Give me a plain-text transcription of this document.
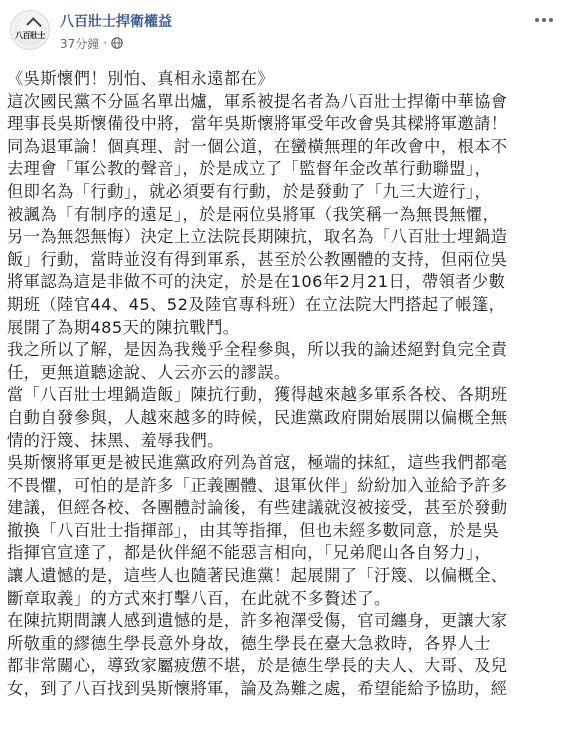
八百壯士
八百壯士捍衛權益
37分鐘 ·
《吳斯懷們！別怕、真相永遠都在》
這次國民黨不分區名單出爐，軍系被提名者為八百壯士捍衛中華協會
理事長吳斯懷備役中將，當年吳斯懷將軍受年改會吳其樑將軍邀請！
同為退軍論！個真理、討一個公道，在蠻橫無理的年改會中，根本不
去理會「軍公教的聲音」，於是成立了「監督年金改革行動聯盟」，
但即名為「行動」，就必須要有行動，於是發動了「九三大遊行」，
被諷為「有制序的遠足」，於是兩位吳將軍（我笑稱一為無畏無懼，
另一為無怨無悔）決定上立法院長期陳抗，取名為「八百壯士埋鍋造
飯」行動，當時並沒有得到軍系，甚至於公教團體的支持，但兩位吳
將軍認為這是非做不可的決定，於是在106年2月21日，帶領者少數
期班（陸官44、45、52及陸官專科班）在立法院大門搭起了帳篷，
展開了為期485天的陳抗戰鬥。
我之所以了解，是因為我幾乎全程參與，所以我的論述絕對負完全責
任，更無道聽途說、人云亦云的謬誤。
當「八百壯士埋鍋造飯」陳抗行動，獲得越來越多軍系各校、各期班
自動自發參與，人越來越多的時候，民進黨政府開始展開以偏概全無
情的汙篾、抹黑、羞辱我們。
吳斯懷將軍更是被民進黨政府列為首寇，極端的抹紅，這些我們都毫
不畏懼，可怕的是許多「正義團體、退軍伙伴」紛紛加入並給予許多
建議，但經各校、各團體討論後，有些建議就沒被接受，甚至於發動
撤換「八百壯士指揮部」，由其等指揮，但也未經多數同意，於是吳
指揮官宣達了，都是伙伴絕不能惡言相向，「兄弟爬山各自努力」，
讓人遺憾的是，這些人也隨著民進黨！起展開了「汙篾、以偏概全、
斷章取義」的方式來打擊八百，在此就不多贅述了。
在陳抗期間讓人感到遺憾的是，許多袍澤受傷，官司纏身，更讓大家
所敬重的繆德生學長意外身故，德生學長在臺大急救時，各界人士
都非常關心，導致家屬疲憊不堪，於是德生學長的夫人、大哥、及兒
女，到了八百找到吳斯懷將軍，論及為難之處，希望能給予協助，經
